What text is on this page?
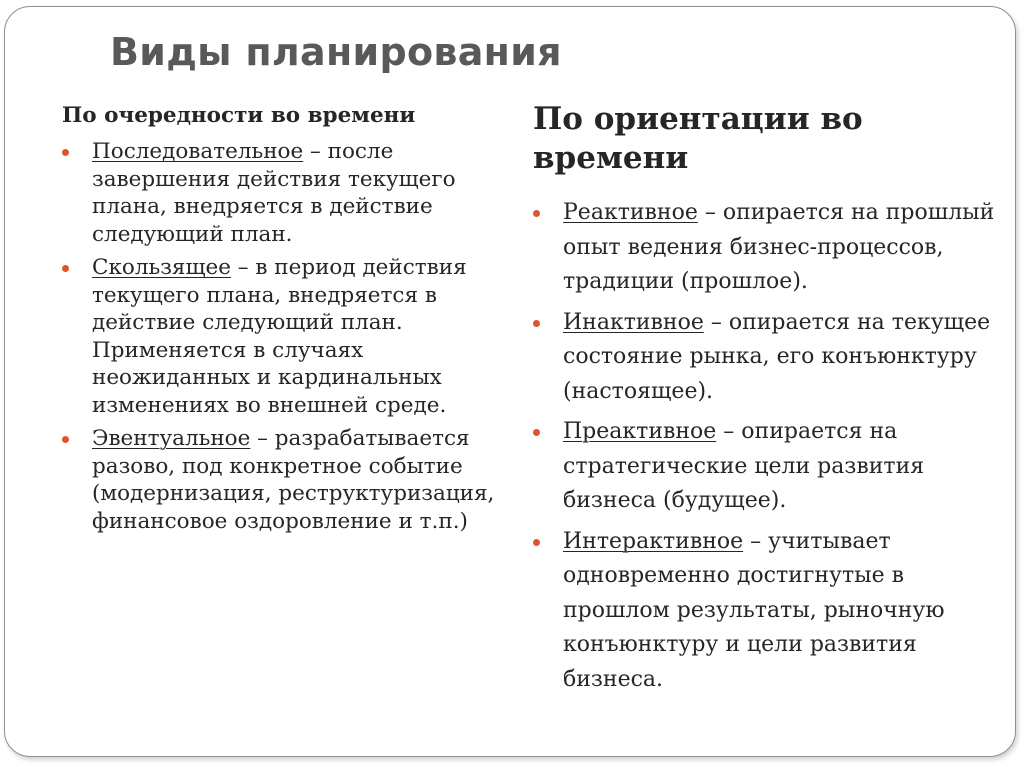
Виды планирования
По очередности во времени
Последовательное – после завершения действия текущего плана, внедряется в действие следующий план.
Скользящее – в период действия текущего плана, внедряется в действие следующий план. Применяется в случаях неожиданных и кардинальных изменениях во внешней среде.
Эвентуальное – разрабатывается разово, под конкретное событие (модернизация, реструктуризация, финансовое оздоровление и т.п.)
По ориентации во времени
Реактивное – опирается на прошлый опыт ведения бизнес-процессов, традиции (прошлое).
Инактивное – опирается на текущее состояние рынка, его конъюнктуру (настоящее).
Преактивное – опирается на стратегические цели развития бизнеса (будущее).
Интерактивное – учитывает одновременно достигнутые в прошлом результаты, рыночную конъюнктуру и цели развития бизнеса.
